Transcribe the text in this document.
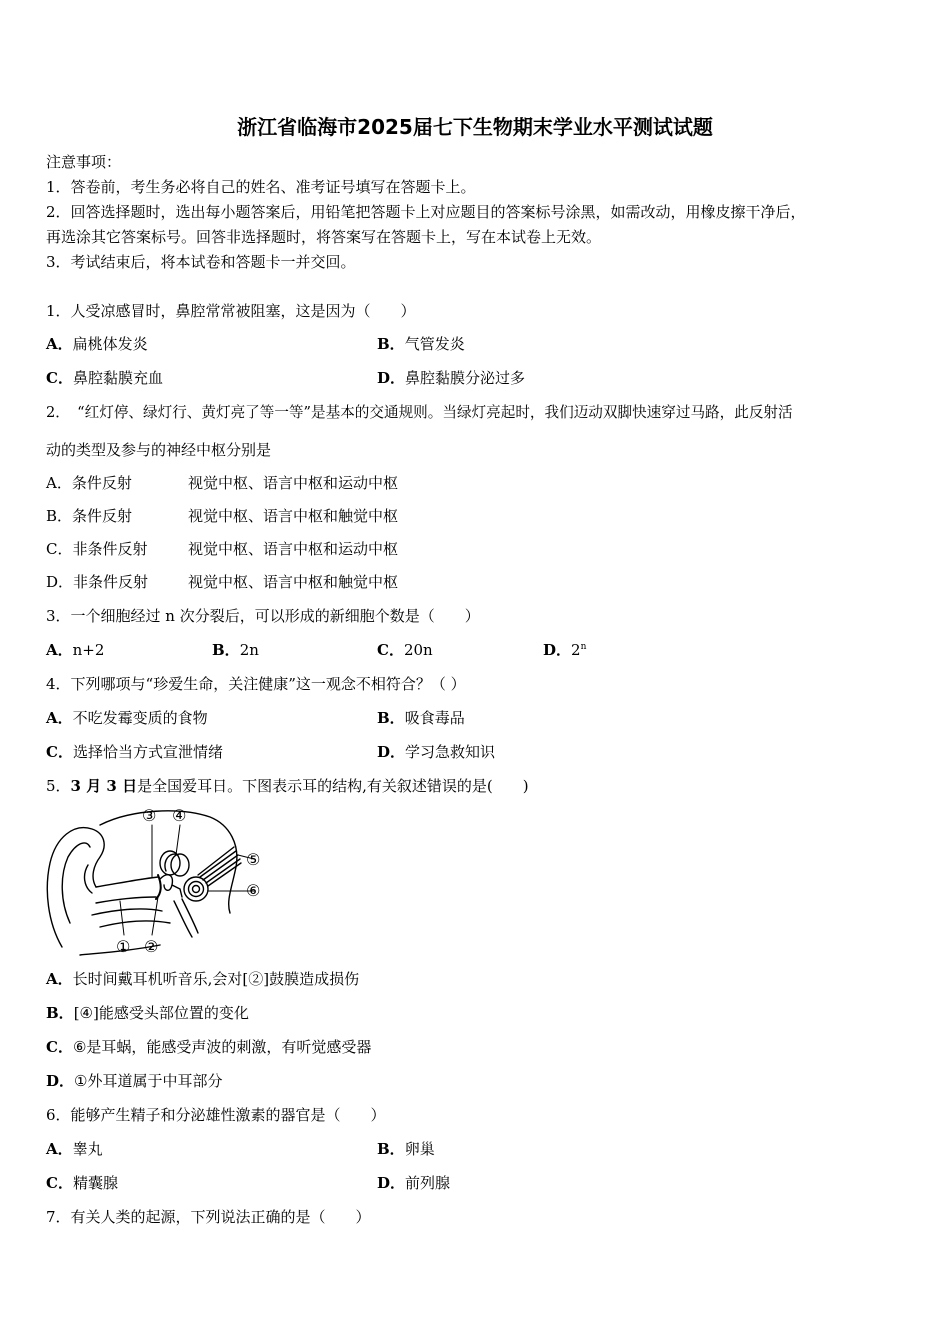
浙江省临海市2025届七下生物期末学业水平测试试题
注意事项：
1．答卷前，考生务必将自己的姓名、准考证号填写在答题卡上。
2．回答选择题时，选出每小题答案后，用铅笔把答题卡上对应题目的答案标号涂黑，如需改动，用橡皮擦干净后，
再选涂其它答案标号。回答非选择题时，将答案写在答题卡上，写在本试卷上无效。
3．考试结束后，将本试卷和答题卡一并交回。
1．人受凉感冒时，鼻腔常常被阻塞，这是因为（　　）
A．扁桃体发炎	B．气管发炎
C．鼻腔黏膜充血	D．鼻腔黏膜分泌过多
2．　“红灯停、绿灯行、黄灯亮了等一等”是基本的交通规则。当绿灯亮起时，我们迈动双脚快速穿过马路，此反射活
动的类型及参与的神经中枢分别是
A．条件反射	视觉中枢、语言中枢和运动中枢
B．条件反射	视觉中枢、语言中枢和触觉中枢
C．非条件反射	视觉中枢、语言中枢和运动中枢
D．非条件反射	视觉中枢、语言中枢和触觉中枢
3．一个细胞经过 n 次分裂后，可以形成的新细胞个数是（　　）
A．n+2	B．2n	C．20n	D．2$^n$
4．下列哪项与“珍爱生命，关注健康”这一观念不相符合？（ ）
A．不吃发霉变质的食物	B．吸食毒品
C．选择恰当方式宣泄情绪	D．学习急救知识
5．3 月 3 日是全国爱耳日。下图表示耳的结构,有关叙述错误的是(　　)
① ②
③ ④
⑤
⑥
A．长时间戴耳机听音乐,会对[②]鼓膜造成损伤
B．[④]能感受头部位置的变化
C．⑥是耳蜗，能感受声波的刺激，有听觉感受器
D．①外耳道属于中耳部分
6．能够产生精子和分泌雄性激素的器官是（　　）
A．睾丸	B．卵巢
C．精囊腺	D．前列腺
7．有关人类的起源，下列说法正确的是（　　）
